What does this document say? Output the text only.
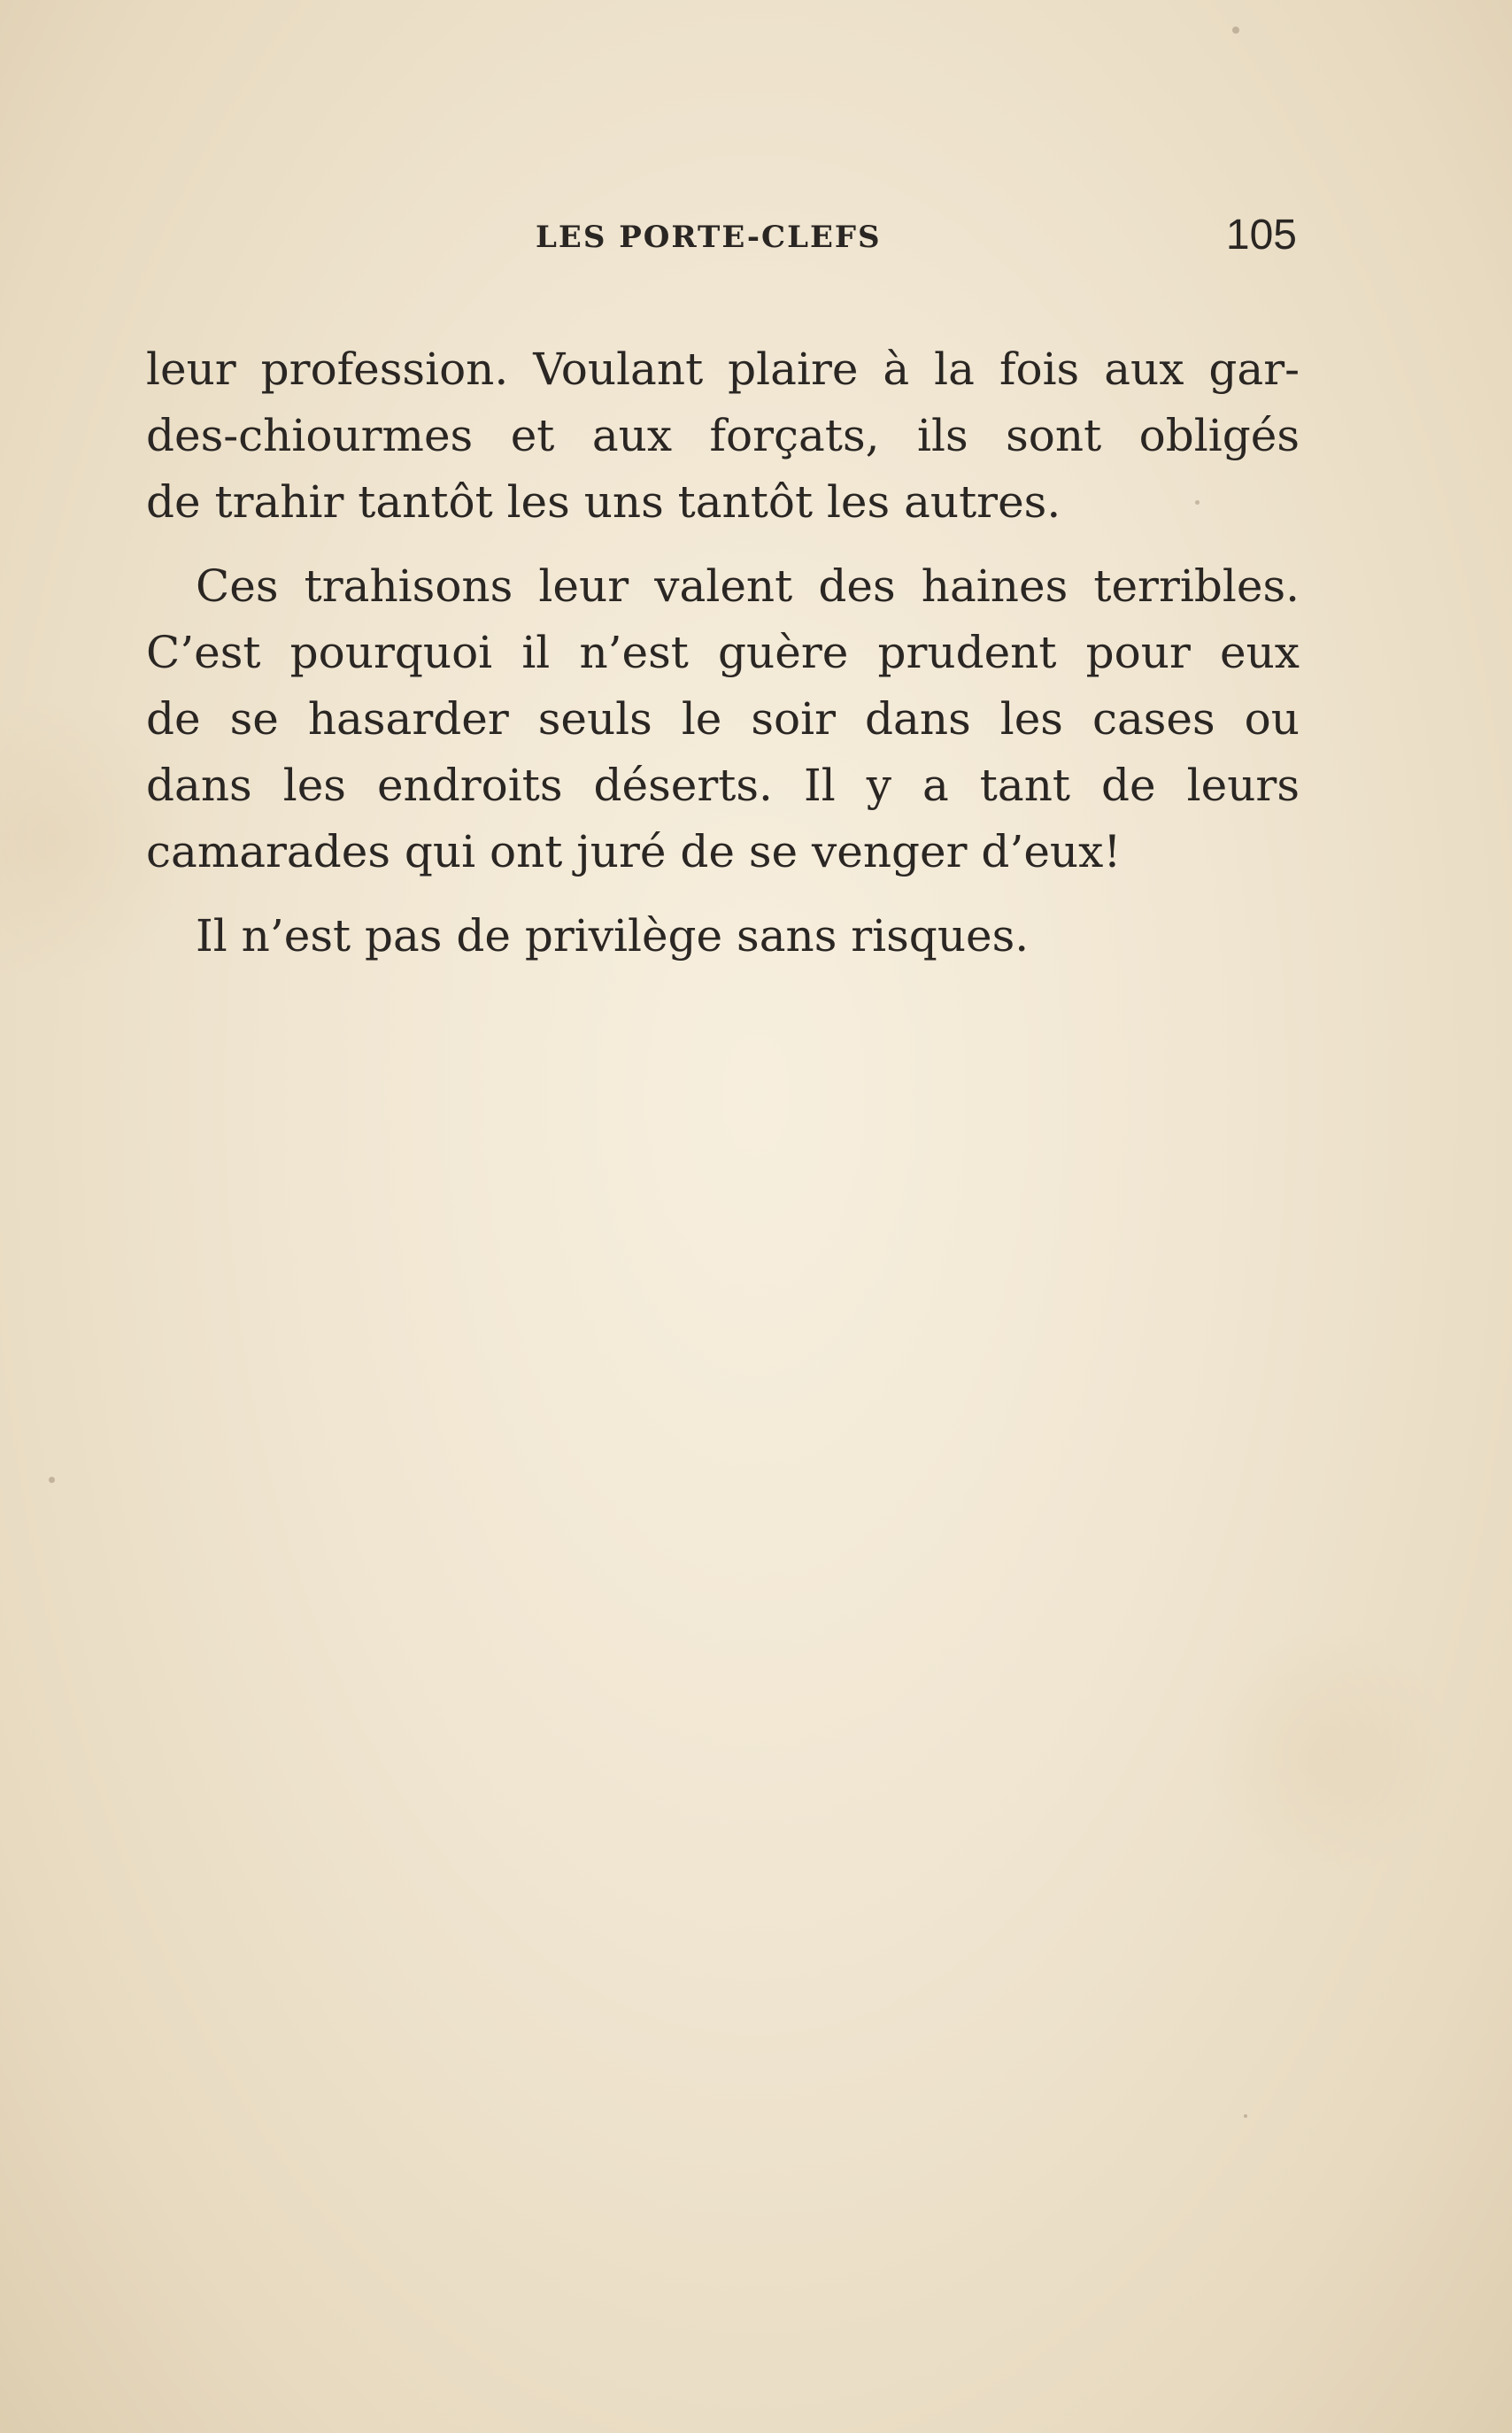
LES PORTE-CLEFS	105

leur profession. Voulant plaire à la fois aux gar-
des-chiourmes et aux forçats, ils sont obligés
de trahir tantôt les uns tantôt les autres.

Ces trahisons leur valent des haines terribles.
C’est pourquoi il n’est guère prudent pour eux
de se hasarder seuls le soir dans les cases ou
dans les endroits déserts. Il y a tant de leurs
camarades qui ont juré de se venger d’eux!

Il n’est pas de privilège sans risques.
